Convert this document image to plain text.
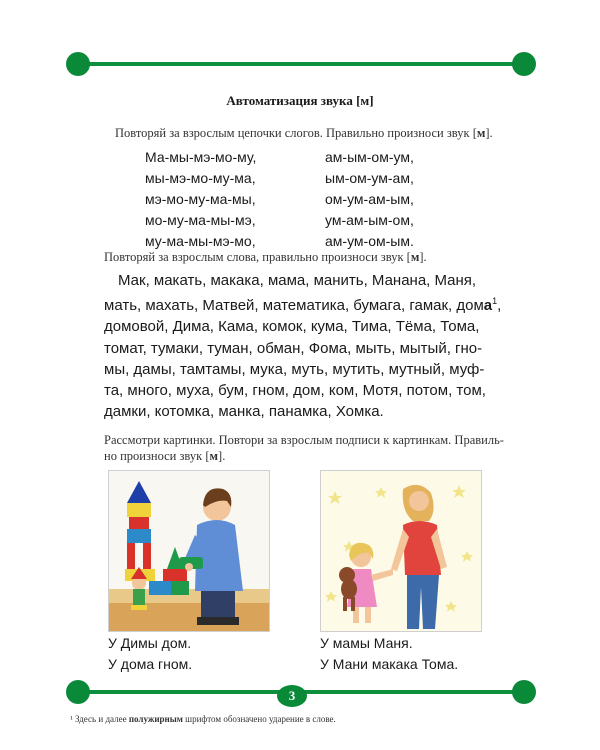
Автоматизация звука [м]
Повторяй за взрослым цепочки слогов. Правильно произноси звук [м].
Ма-мы-мэ-мо-му,
мы-мэ-мо-му-ма,
мэ-мо-му-ма-мы,
мо-му-ма-мы-мэ,
му-ма-мы-мэ-мо,
ам-ым-ом-ум,
ым-ом-ум-ам,
ом-ум-ам-ым,
ум-ам-ым-ом,
ам-ум-ом-ым.
Повторяй за взрослым слова, правильно произноси звук [м].
Мак, макать, макака, мама, манить, Манана, Маня,
мать, махать, Матвей, математика, бумага, гамак, дома$^1$,
домовой, Дима, Кама, комок, кума, Тима, Тёма, Тома,
томат, тумаки, туман, обман, Фома, мыть, мытый, гно-
мы, дамы, тамтамы, мука, муть, мутить, мутный, муф-
та, много, муха, бум, гном, дом, ком, Мотя, потом, том,
дамки, котомка, манка, панамка, Хомка.
Рассмотри картинки. Повтори за взрослым подписи к картинкам. Правиль-
но произноси звук [м].
У Димы дом.
У дома гном.
У мамы Маня.
У Мани макака Тома.
3
¹ Здесь и далее полужирным шрифтом обозначено ударение в слове.
